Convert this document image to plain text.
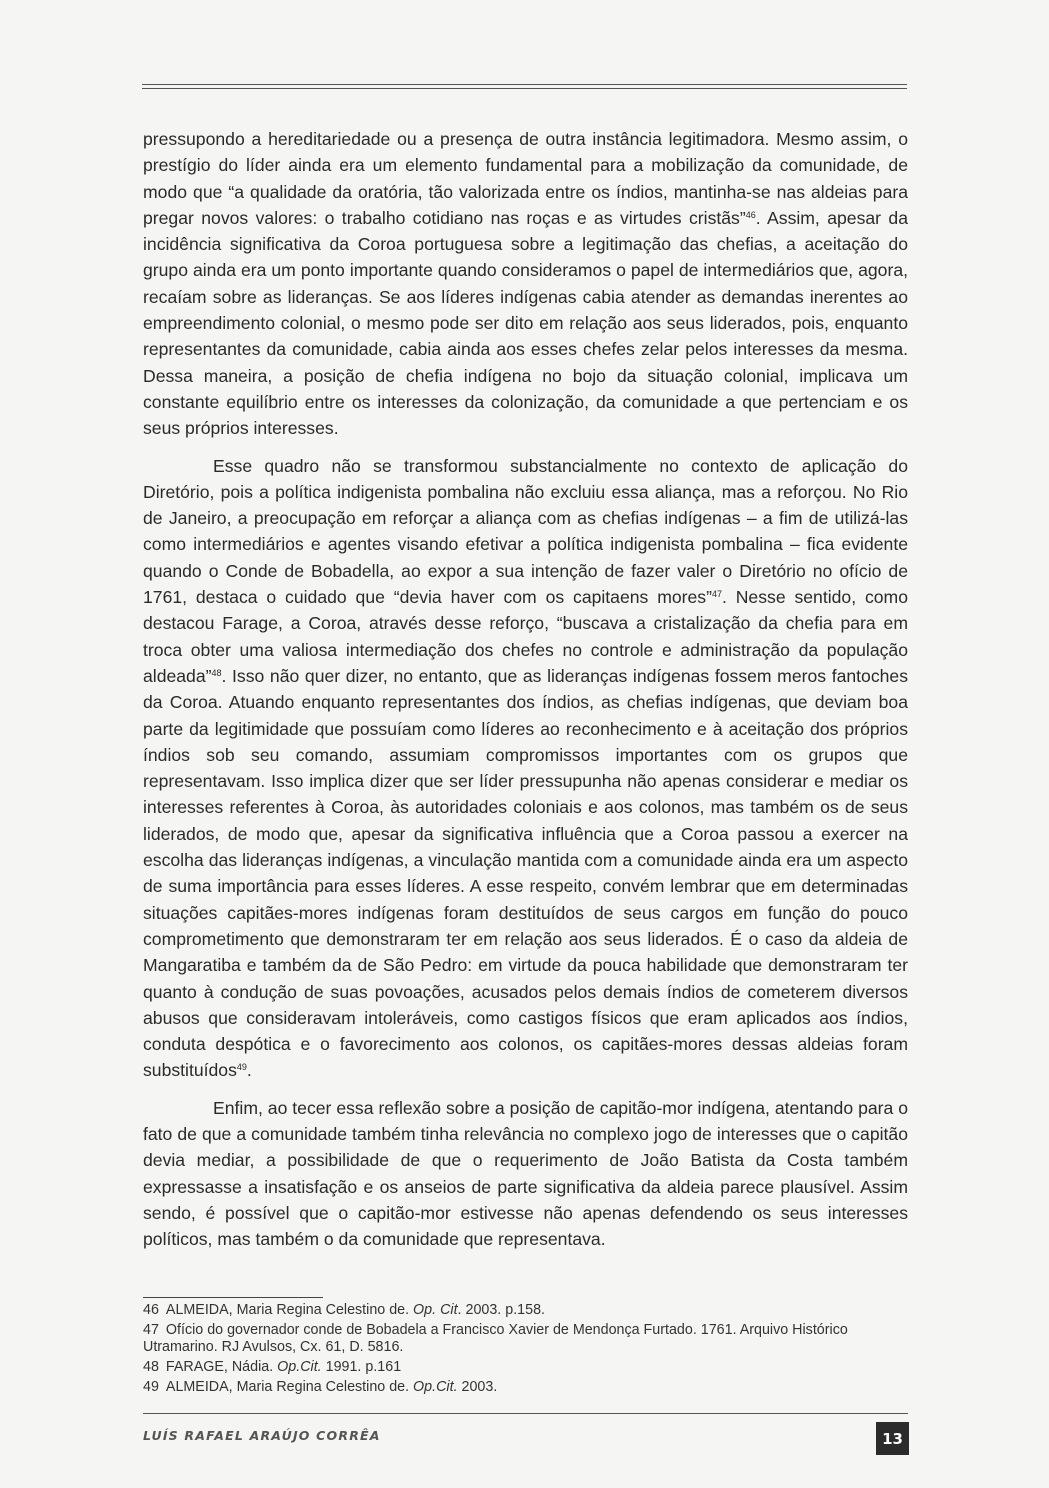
pressupondo a hereditariedade ou a presença de outra instância legitimadora. Mesmo assim, o prestígio do líder ainda era um elemento fundamental para a mobilização da comunidade, de modo que “a qualidade da oratória, tão valorizada entre os índios, mantinha-se nas aldeias para pregar novos valores: o trabalho cotidiano nas roças e as virtudes cristãs”$^{46}$. Assim, apesar da incidência significativa da Coroa portuguesa sobre a legitimação das chefias, a aceitação do grupo ainda era um ponto importante quando consideramos o papel de intermediários que, agora, recaíam sobre as lideranças. Se aos líderes indígenas cabia atender as demandas inerentes ao empreendimento colonial, o mesmo pode ser dito em relação aos seus liderados, pois, enquanto representantes da comunidade, cabia ainda aos esses chefes zelar pelos interesses da mesma. Dessa maneira, a posição de chefia indígena no bojo da situação colonial, implicava um constante equilíbrio entre os interesses da colonização, da comunidade a que pertenciam e os seus próprios interesses.

Esse quadro não se transformou substancialmente no contexto de aplicação do Diretório, pois a política indigenista pombalina não excluiu essa aliança, mas a reforçou. No Rio de Janeiro, a preocupação em reforçar a aliança com as chefias indígenas – a fim de utilizá-las como intermediários e agentes visando efetivar a política indigenista pombalina – fica evidente quando o Conde de Bobadella, ao expor a sua intenção de fazer valer o Diretório no ofício de 1761, destaca o cuidado que “devia haver com os capitaens mores”$^{47}$. Nesse sentido, como destacou Farage, a Coroa, através desse reforço, “buscava a cristalização da chefia para em troca obter uma valiosa intermediação dos chefes no controle e administração da população aldeada”$^{48}$. Isso não quer dizer, no entanto, que as lideranças indígenas fossem meros fantoches da Coroa. Atuando enquanto representantes dos índios, as chefias indígenas, que deviam boa parte da legitimidade que possuíam como líderes ao reconhecimento e à aceitação dos próprios índios sob seu comando, assumiam compromissos importantes com os grupos que representavam. Isso implica dizer que ser líder pressupunha não apenas considerar e mediar os interesses referentes à Coroa, às autoridades coloniais e aos colonos, mas também os de seus liderados, de modo que, apesar da significativa influência que a Coroa passou a exercer na escolha das lideranças indígenas, a vinculação mantida com a comunidade ainda era um aspecto de suma importância para esses líderes. A esse respeito, convém lembrar que em determinadas situações capitães-mores indígenas foram destituídos de seus cargos em função do pouco comprometimento que demonstraram ter em relação aos seus liderados. É o caso da aldeia de Mangaratiba e também da de São Pedro: em virtude da pouca habilidade que demonstraram ter quanto à condução de suas povoações, acusados pelos demais índios de cometerem diversos abusos que consideravam intoleráveis, como castigos físicos que eram aplicados aos índios, conduta despótica e o favorecimento aos colonos, os capitães-mores dessas aldeias foram substituídos$^{49}$.

Enfim, ao tecer essa reflexão sobre a posição de capitão-mor indígena, atentando para o fato de que a comunidade também tinha relevância no complexo jogo de interesses que o capitão devia mediar, a possibilidade de que o requerimento de João Batista da Costa também expressasse a insatisfação e os anseios de parte significativa da aldeia parece plausível. Assim sendo, é possível que o capitão-mor estivesse não apenas defendendo os seus interesses políticos, mas também o da comunidade que representava.

46 ALMEIDA, Maria Regina Celestino de. Op. Cit. 2003. p.158.
47 Ofício do governador conde de Bobadela a Francisco Xavier de Mendonça Furtado. 1761. Arquivo Histórico Utramarino. RJ Avulsos, Cx. 61, D. 5816.
48 FARAGE, Nádia. Op.Cit. 1991. p.161
49 ALMEIDA, Maria Regina Celestino de. Op.Cit. 2003.
LUÍS RAFAEL ARAÚJO CORRÊA	13
